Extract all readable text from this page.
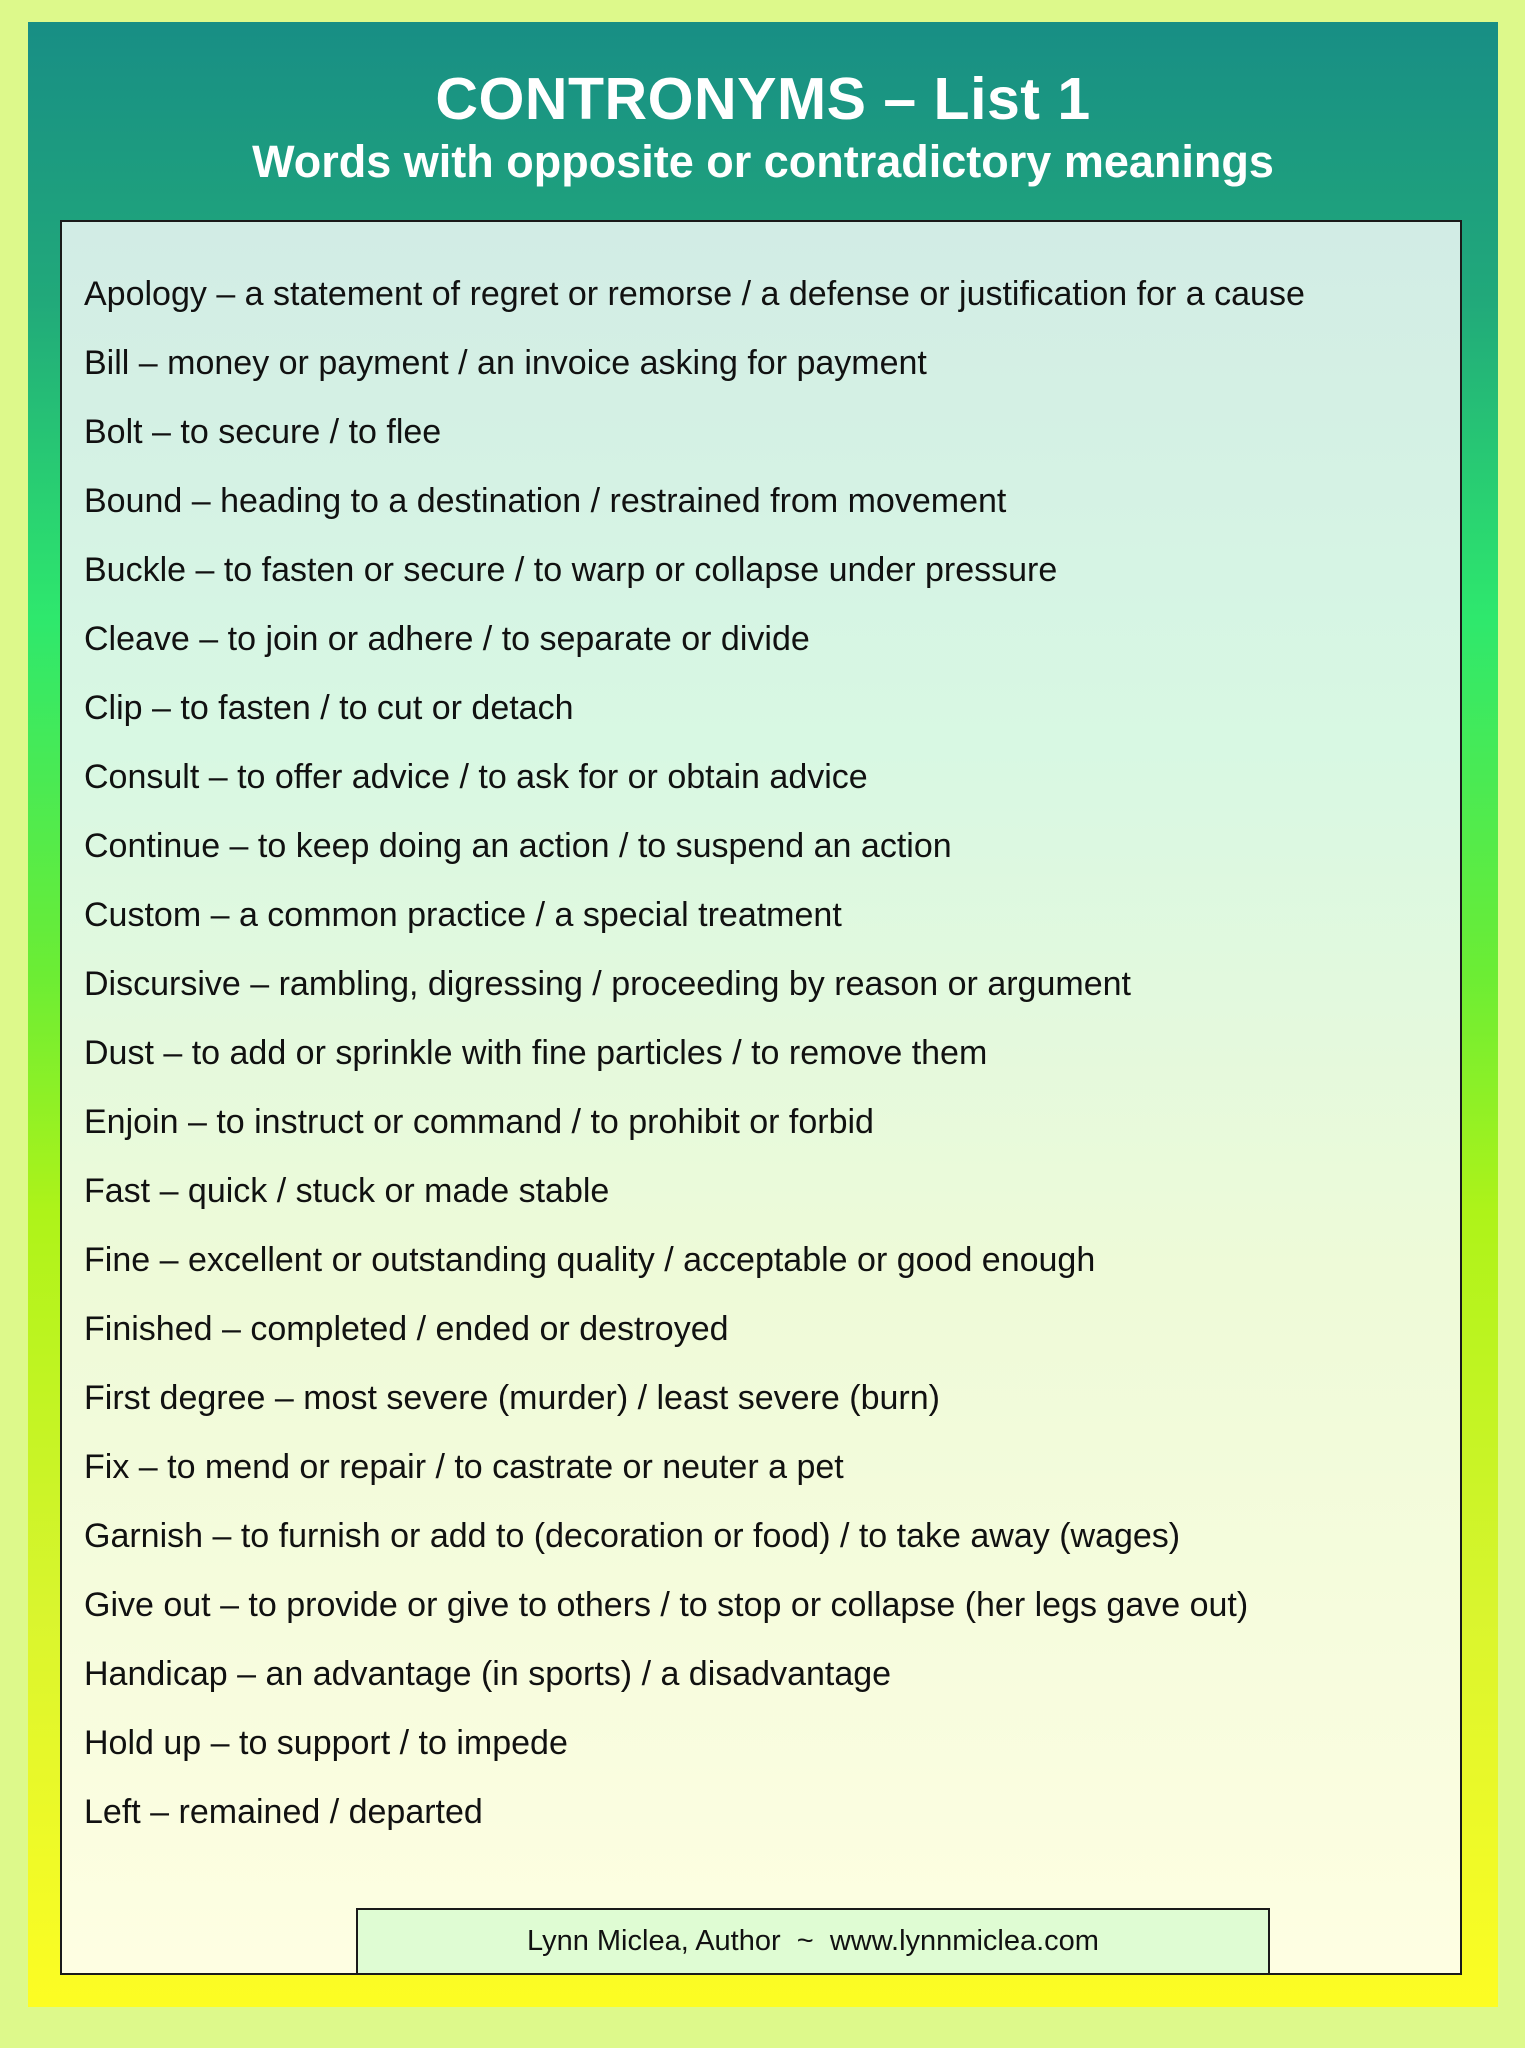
CONTRONYMS – List 1
Words with opposite or contradictory meanings
Apology – a statement of regret or remorse / a defense or justification for a cause
Bill – money or payment / an invoice asking for payment
Bolt – to secure / to flee
Bound – heading to a destination / restrained from movement
Buckle – to fasten or secure / to warp or collapse under pressure
Cleave – to join or adhere / to separate or divide
Clip – to fasten / to cut or detach
Consult – to offer advice / to ask for or obtain advice
Continue – to keep doing an action / to suspend an action
Custom – a common practice / a special treatment
Discursive – rambling, digressing / proceeding by reason or argument
Dust – to add or sprinkle with fine particles / to remove them
Enjoin – to instruct or command / to prohibit or forbid
Fast – quick / stuck or made stable
Fine – excellent or outstanding quality / acceptable or good enough
Finished – completed / ended or destroyed
First degree – most severe (murder) / least severe (burn)
Fix – to mend or repair / to castrate or neuter a pet
Garnish – to furnish or add to (decoration or food) / to take away (wages)
Give out – to provide or give to others / to stop or collapse (her legs gave out)
Handicap – an advantage (in sports) / a disadvantage
Hold up – to support / to impede
Left – remained / departed
Lynn Miclea, Author  ~  www.lynnmiclea.com
